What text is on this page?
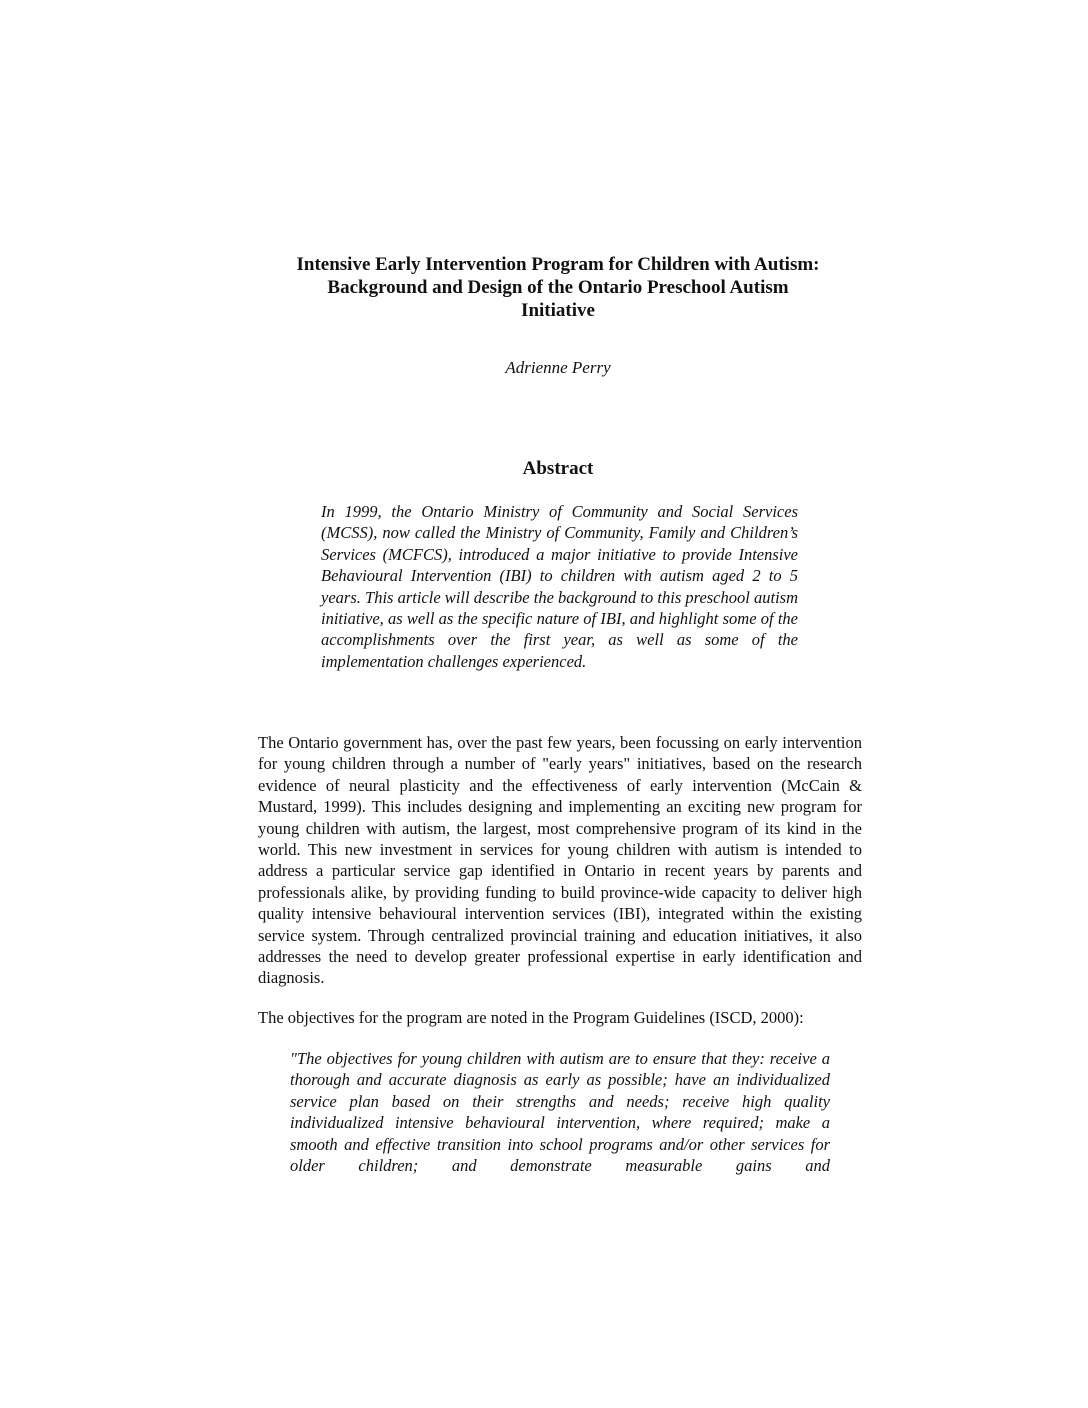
Intensive Early Intervention Program for Children with Autism:
Background and Design of the Ontario Preschool Autism
Initiative

Adrienne Perry

Abstract

In 1999, the Ontario Ministry of Community and Social Services (MCSS), now called the Ministry of Community, Family and Children’s Services (MCFCS), introduced a major initiative to provide Intensive Behavioural Intervention (IBI) to children with autism aged 2 to 5 years. This article will describe the background to this preschool autism initiative, as well as the specific nature of IBI, and highlight some of the accomplishments over the first year, as well as some of the implementation challenges experienced.

The Ontario government has, over the past few years, been focussing on early intervention for young children through a number of "early years" initiatives, based on the research evidence of neural plasticity and the effectiveness of early intervention (McCain & Mustard, 1999). This includes designing and implementing an exciting new program for young children with autism, the largest, most comprehensive program of its kind in the world. This new investment in services for young children with autism is intended to address a particular service gap identified in Ontario in recent years by parents and professionals alike, by providing funding to build province-wide capacity to deliver high quality intensive behavioural intervention services (IBI), integrated within the existing service system. Through centralized provincial training and education initiatives, it also addresses the need to develop greater professional expertise in early identification and diagnosis.

The objectives for the program are noted in the Program Guidelines (ISCD, 2000):

"The objectives for young children with autism are to ensure that they: receive a thorough and accurate diagnosis as early as possible; have an individualized service plan based on their strengths and needs; receive high quality individualized intensive behavioural intervention, where required; make a smooth and effective transition into school programs and/or other services for older children; and demonstrate measurable gains and
